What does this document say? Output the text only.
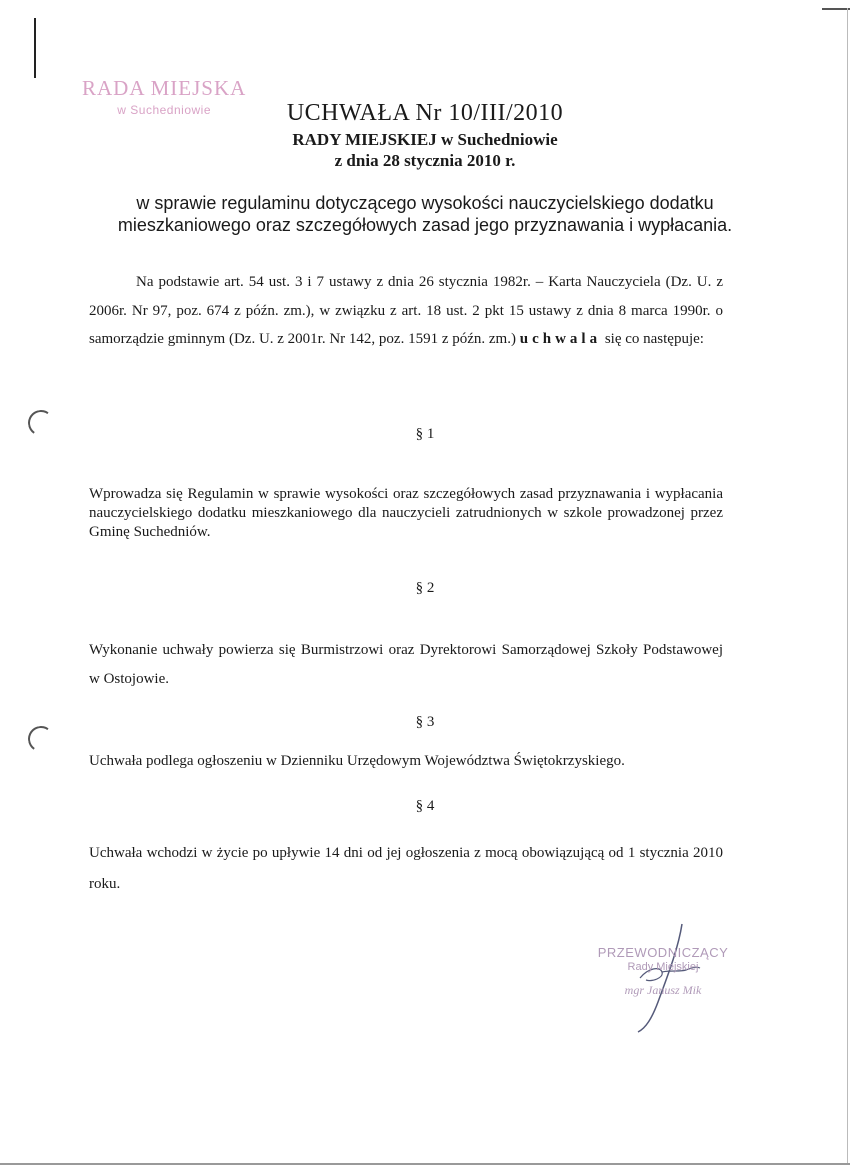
RADA MIEJSKA
w Suchedniowie	UCHWAŁA Nr 10/III/2010
RADY MIEJSKIEJ w Suchedniowie
z dnia 28 stycznia 2010 r.
w sprawie regulaminu dotyczącego wysokości nauczycielskiego dodatku
mieszkaniowego oraz szczegółowych zasad jego przyznawania i wypłacania.
Na podstawie art. 54 ust. 3 i 7 ustawy z dnia 26 stycznia 1982r. – Karta Nauczyciela (Dz. U. z 2006r. Nr 97, poz. 674 z późn. zm.), w związku z art. 18 ust. 2 pkt 15 ustawy z dnia 8 marca 1990r. o samorządzie gminnym (Dz. U. z 2001r. Nr 142, poz. 1591 z późn. zm.) uchwala się co następuje:
§ 1
Wprowadza się Regulamin w sprawie wysokości oraz szczegółowych zasad przyznawania i wypłacania nauczycielskiego dodatku mieszkaniowego dla nauczycieli zatrudnionych w szkole prowadzonej przez Gminę Suchedniów.
§ 2
Wykonanie uchwały powierza się Burmistrzowi oraz Dyrektorowi Samorządowej Szkoły Podstawowej w Ostojowie.
§ 3
Uchwała podlega ogłoszeniu w Dzienniku Urzędowym Województwa Świętokrzyskiego.
§ 4
Uchwała wchodzi w życie po upływie 14 dni od jej ogłoszenia z mocą obowiązującą od 1 stycznia 2010 roku.
PRZEWODNICZĄCY
Rady Miejskiej
mgr Janusz Mik
